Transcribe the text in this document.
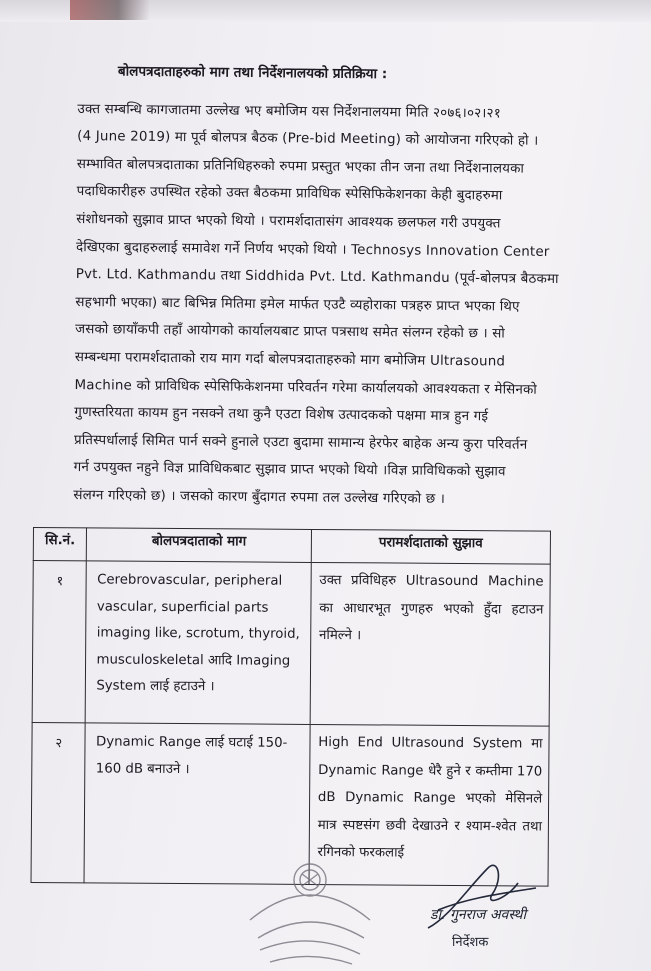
बोलपत्रदाताहरुको माग तथा निर्देशनालयको प्रतिक्रिया :
उक्त सम्बन्धि कागजातमा उल्लेख भए बमोजिम यस निर्देशनालयमा मिति २०७६।०२।२१
(4 June 2019) मा पूर्व बोलपत्र बैठक (Pre-bid Meeting) को आयोजना गरिएको हो ।
सम्भावित बोलपत्रदाताका प्रतिनिधिहरुको रुपमा प्रस्तुत भएका तीन जना तथा निर्देशनालयका
पदाधिकारीहरु उपस्थित रहेको उक्त बैठकमा प्राविधिक स्पेसिफिकेशनका केही बुदाहरुमा
संशोधनको सुझाव प्राप्त भएको थियो । परामर्शदातासंग आवश्यक छलफल गरी उपयुक्त
देखिएका बुदाहरुलाई समावेश गर्ने निर्णय भएको थियो । Technosys Innovation Center
Pvt. Ltd. Kathmandu तथा Siddhida Pvt. Ltd. Kathmandu (पूर्व-बोलपत्र बैठकमा
सहभागी भएका) बाट बिभिन्न मितिमा इमेल मार्फत एउटै व्यहोराका पत्रहरु प्राप्त भएका थिए
जसको छायाँकपी तहाँ आयोगको कार्यालयबाट प्राप्त पत्रसाथ समेत संलग्न रहेको छ । सो
सम्बन्धमा परामर्शदाताको राय माग गर्दा बोलपत्रदाताहरुको माग बमोजिम Ultrasound
Machine को प्राविधिक स्पेसिफिकेशनमा परिवर्तन गरेमा कार्यालयको आवश्यकता र मेसिनको
गुणस्तरियता कायम हुन नसक्ने तथा कुनै एउटा विशेष उत्पादकको पक्षमा मात्र हुन गई
प्रतिस्पर्धालाई सिमित पार्न सक्ने हुनाले एउटा बुदामा सामान्य हेरफेर बाहेक अन्य कुरा परिवर्तन
गर्न उपयुक्त नहुने विज्ञ प्राविधिकबाट सुझाव प्राप्त भएको थियो ।विज्ञ प्राविधिकको सुझाव
संलग्न गरिएको छ) । जसको कारण बुँदागत रुपमा तल उल्लेख गरिएको छ ।
सि.नं.	बोलपत्रदाताको माग	परामर्शदाताको सुझाव
१	Cerebrovascular, peripheral vascular, superficial parts imaging like, scrotum, thyroid, musculoskeletal आदि Imaging System लाई हटाउने ।	उक्त प्रविधिहरु Ultrasound Machine का आधारभूत गुणहरु भएको हुँदा हटाउन नमिल्ने ।
२	Dynamic Range लाई घटाई 150-160 dB बनाउने ।	High End Ultrasound System मा Dynamic Range धेरै हुने र कम्तीमा 170 dB Dynamic Range भएको मेसिनले मात्र स्पष्टसंग छवी देखाउने र श्याम-श्वेत तथा रगिनको फरकलाई
डा. गुनराज अवस्थी
निर्देशक
